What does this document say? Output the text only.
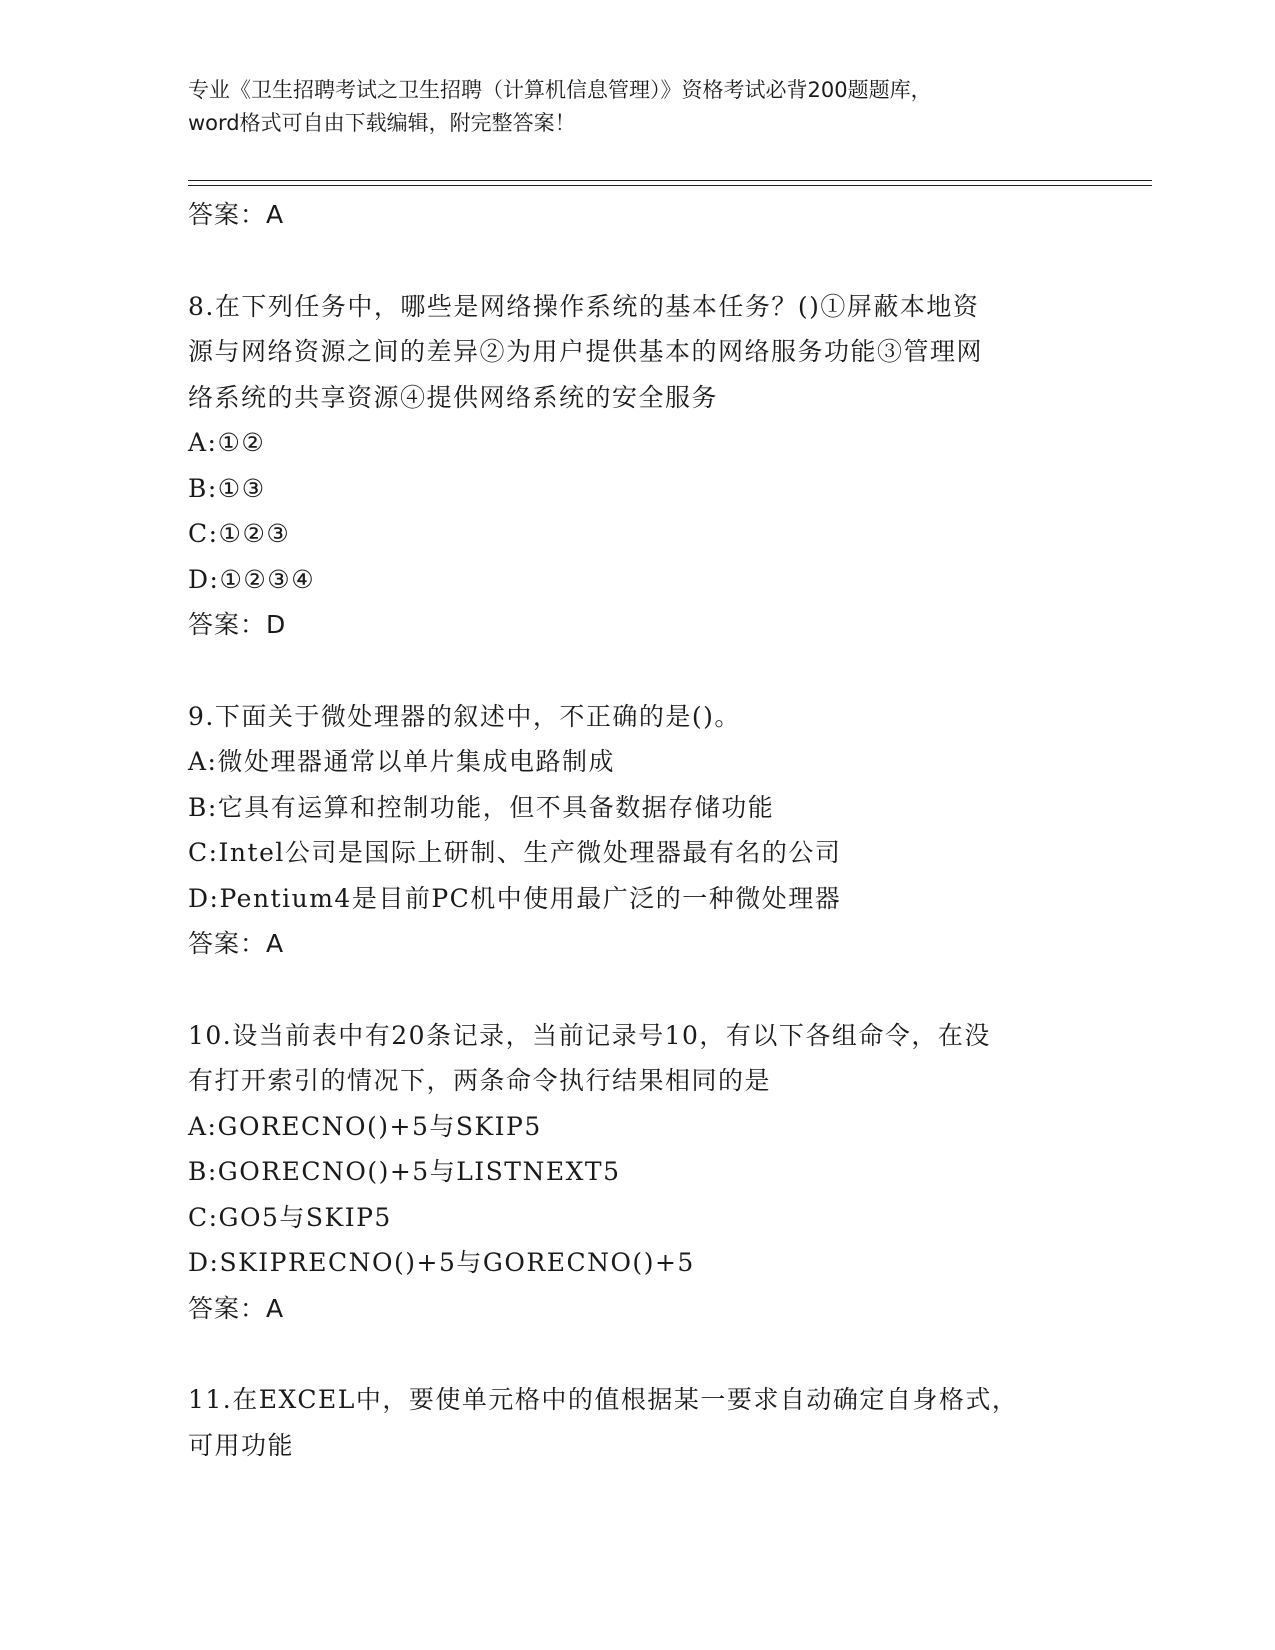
专业《卫生招聘考试之卫生招聘（计算机信息管理）》资格考试必背200题题库，
word格式可自由下载编辑，附完整答案！
答案：A
8.在下列任务中，哪些是网络操作系统的基本任务？()①屏蔽本地资
源与网络资源之间的差异②为用户提供基本的网络服务功能③管理网
络系统的共享资源④提供网络系统的安全服务
A:①②
B:①③
C:①②③
D:①②③④
答案：D
9.下面关于微处理器的叙述中，不正确的是()。
A:微处理器通常以单片集成电路制成
B:它具有运算和控制功能，但不具备数据存储功能
C:Intel公司是国际上研制、生产微处理器最有名的公司
D:Pentium4是目前PC机中使用最广泛的一种微处理器
答案：A
10.设当前表中有20条记录，当前记录号10，有以下各组命令，在没
有打开索引的情况下，两条命令执行结果相同的是
A:GORECNO()+5与SKIP5
B:GORECNO()+5与LISTNEXT5
C:GO5与SKIP5
D:SKIPRECNO()+5与GORECNO()+5
答案：A
11.在EXCEL中，要使单元格中的值根据某一要求自动确定自身格式，
可用功能
